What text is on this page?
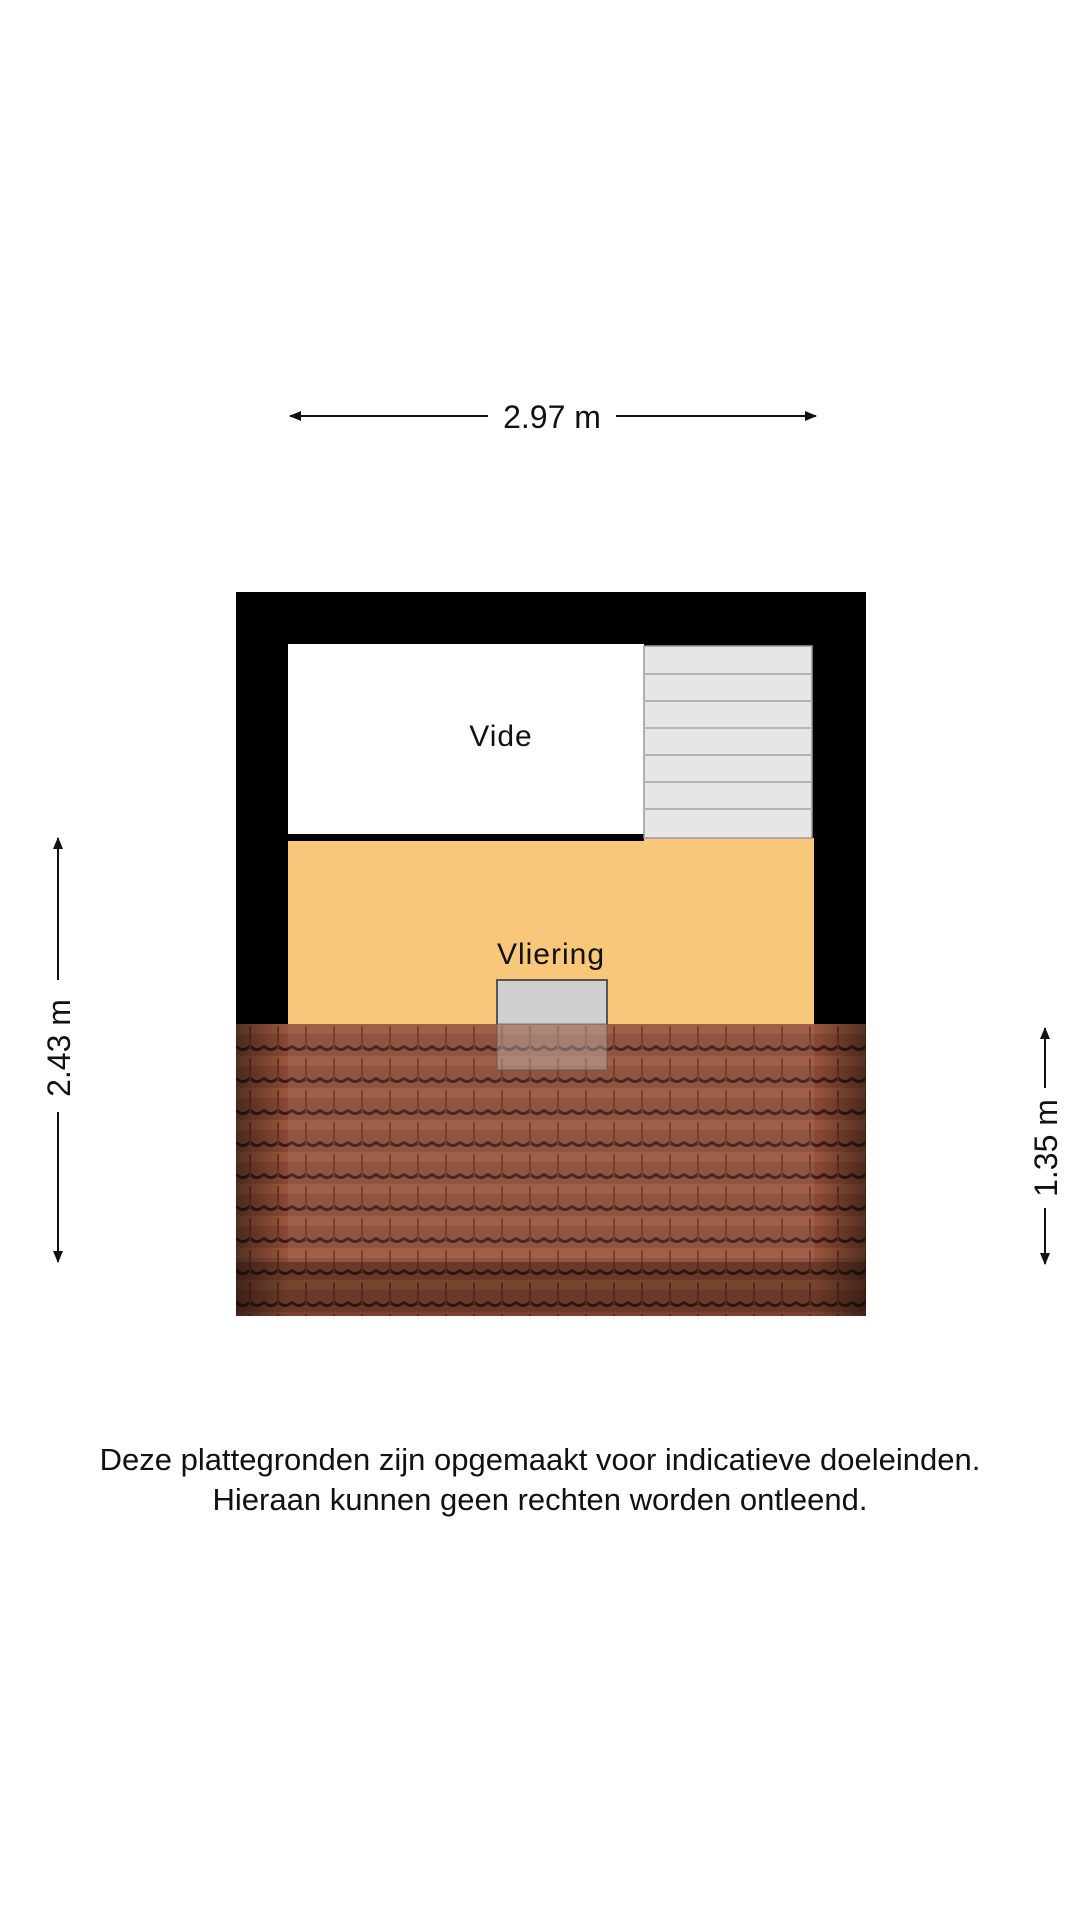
2.97 m
2.43 m
1.35 m
Vide
Vliering
Deze plattegronden zijn opgemaakt voor indicatieve doeleinden.
Hieraan kunnen geen rechten worden ontleend.
